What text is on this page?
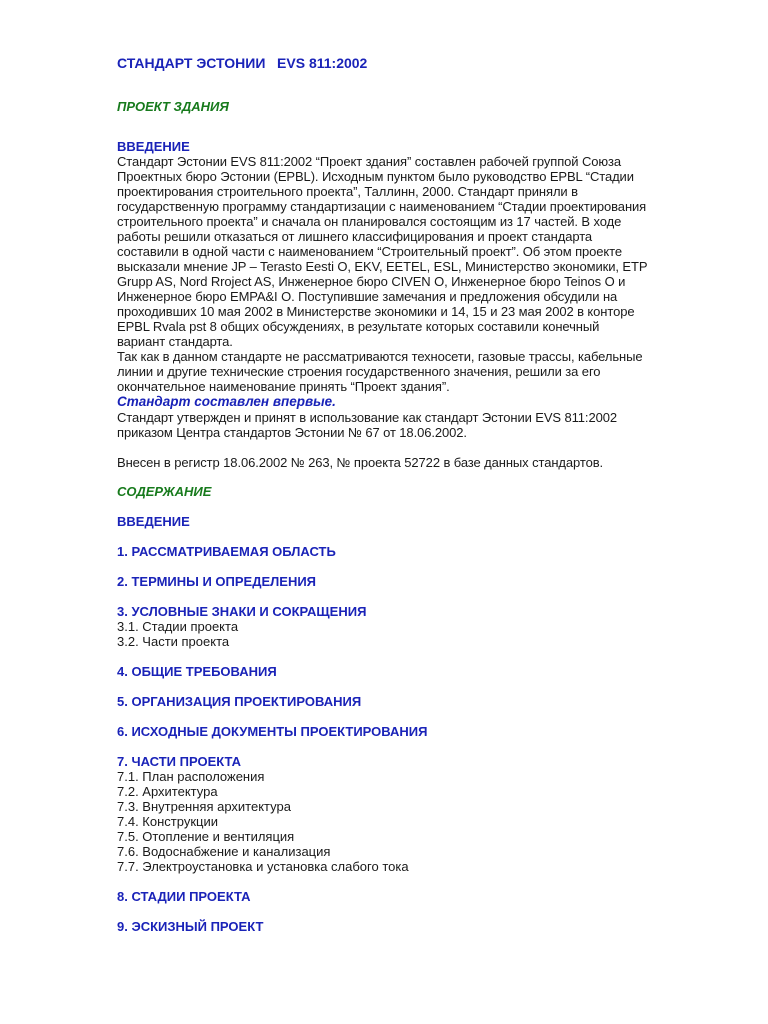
СТАНДАРТ ЭСТОНИИ   EVS 811:2002
ПРОЕКТ ЗДАНИЯ
ВВЕДЕНИЕ
Стандарт Эстонии EVS 811:2002 “Проект здания” составлен рабочей группой Союза
Проектных бюро Эстонии (EPBL). Исходным пунктом было руководство EPBL “Стадии
проектирования строительного проекта”, Таллинн, 2000. Стандарт приняли в
государственную программу стандартизации с наименованием “Стадии проектирования
строительного проекта” и сначала он планировался состоящим из 17 частей. В ходе
работы решили отказаться от лишнего классифицирования и проект стандарта
составили в одной части с наименованием “Строительный проект”. Об этом проекте
высказали мнение JP – Terasto Eesti O, EKV, EETEL, ESL, Министерство экономики, ETP
Grupp AS, Nord Rroject AS, Инженерное бюро CIVEN O, Инженерное бюро Teinos O и
Инженерное бюро EMPA&I O. Поступившие замечания и предложения обсудили на
проходивших 10 мая 2002 в Министерстве экономики и 14, 15 и 23 мая 2002 в конторе
EPBL Rvala pst 8 общих обсуждениях, в результате которых составили конечный
вариант стандарта.
Так как в данном стандарте не рассматриваются техносети, газовые трассы, кабельные
линии и другие технические строения государственного значения, решили за его
окончательное наименование принять “Проект здания”.
Стандарт составлен впервые.
Стандарт утвержден и принят в использование как стандарт Эстонии EVS 811:2002
приказом Центра стандартов Эстонии № 67 от 18.06.2002.
Внесен в регистр 18.06.2002 № 263, № проекта 52722 в базе данных стандартов.
СОДЕРЖАНИЕ
ВВЕДЕНИЕ
1. РАССМАТРИВАЕМАЯ ОБЛАСТЬ
2. ТЕРМИНЫ И ОПРЕДЕЛЕНИЯ
3. УСЛОВНЫЕ ЗНАКИ И СОКРАЩЕНИЯ
3.1. Стадии проекта
3.2. Части проекта
4. ОБЩИЕ ТРЕБОВАНИЯ
5. ОРГАНИЗАЦИЯ ПРОЕКТИРОВАНИЯ
6. ИСХОДНЫЕ ДОКУМЕНТЫ ПРОЕКТИРОВАНИЯ
7. ЧАСТИ ПРОЕКТА
7.1. План расположения
7.2. Архитектура
7.3. Внутренняя архитектура
7.4. Конструкции
7.5. Отопление и вентиляция
7.6. Водоснабжение и канализация
7.7. Электроустановка и установка слабого тока
8. СТАДИИ ПРОЕКТА
9. ЭСКИЗНЫЙ ПРОЕКТ
